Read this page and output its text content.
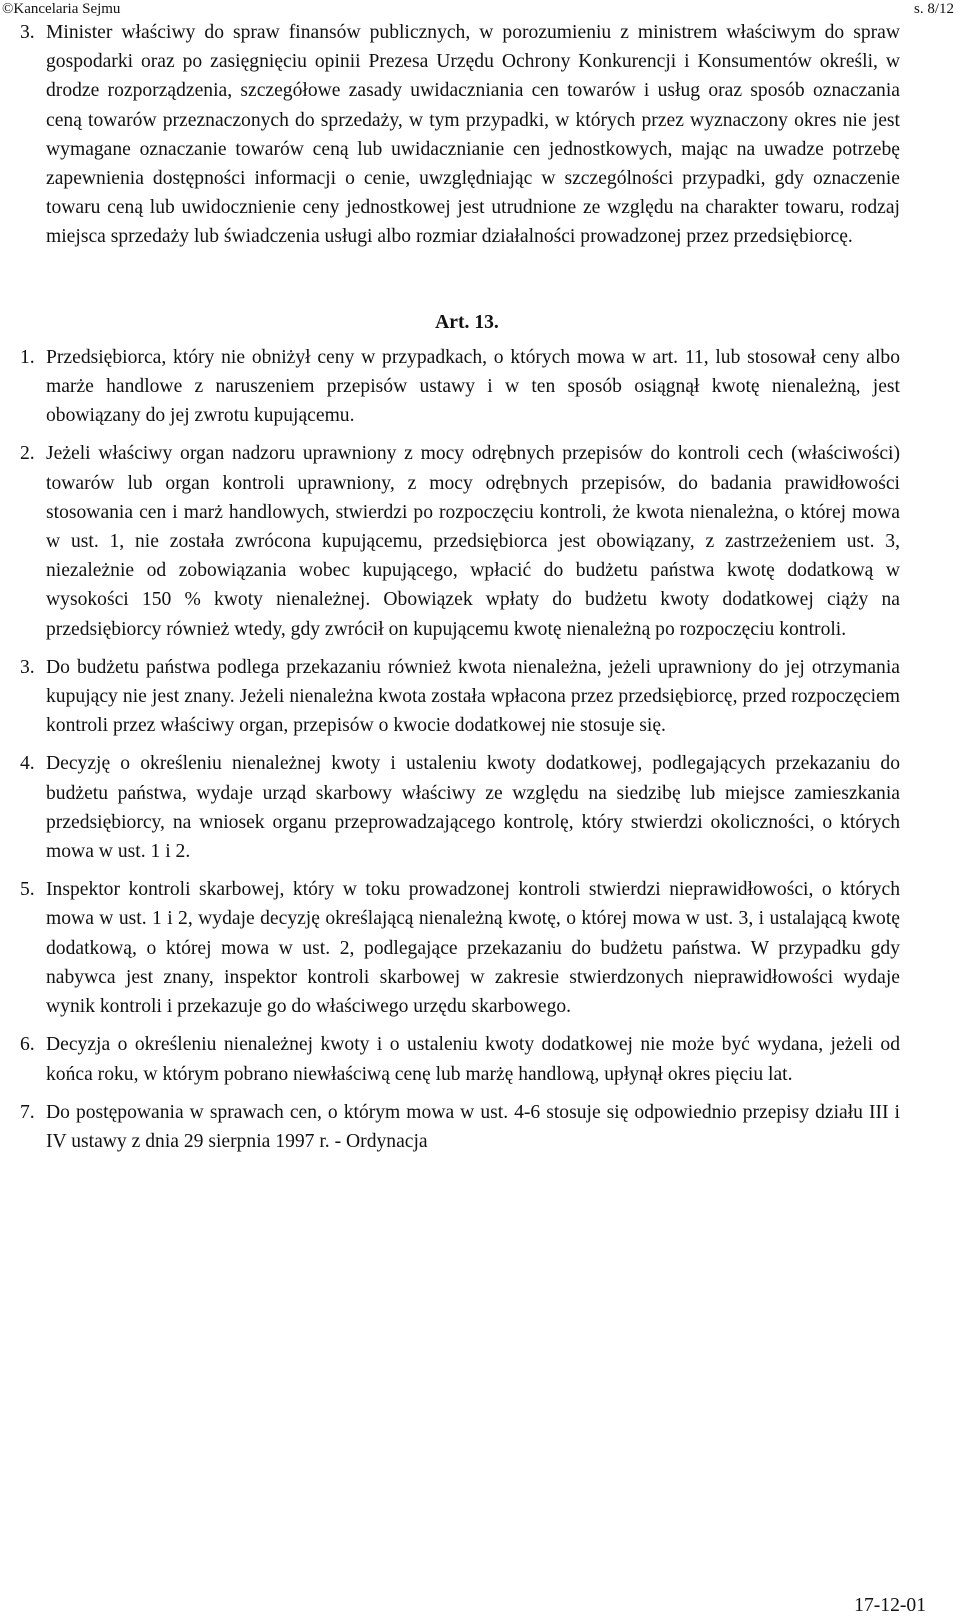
©Kancelaria Sejmu	s. 8/12
3. Minister właściwy do spraw finansów publicznych, w porozumieniu z ministrem właściwym do spraw gospodarki oraz po zasięgnięciu opinii Prezesa Urzędu Ochrony Konkurencji i Konsumentów określi, w drodze rozporządzenia, szczegółowe zasady uwidaczniania cen towarów i usług oraz sposób oznaczania ceną towarów przeznaczonych do sprzedaży, w tym przypadki, w których przez wyznaczony okres nie jest wymagane oznaczanie towarów ceną lub uwidacznianie cen jednostkowych, mając na uwadze potrzebę zapewnienia dostępności informacji o cenie, uwzględniając w szczególności przypadki, gdy oznaczenie towaru ceną lub uwidocznienie ceny jednostkowej jest utrudnione ze względu na charakter towaru, rodzaj miejsca sprzedaży lub świadczenia usługi albo rozmiar działalności prowadzonej przez przedsiębiorcę.
Art. 13.
1. Przedsiębiorca, który nie obniżył ceny w przypadkach, o których mowa w art. 11, lub stosował ceny albo marże handlowe z naruszeniem przepisów ustawy i w ten sposób osiągnął kwotę nienależną, jest obowiązany do jej zwrotu kupującemu.
2. Jeżeli właściwy organ nadzoru uprawniony z mocy odrębnych przepisów do kontroli cech (właściwości) towarów lub organ kontroli uprawniony, z mocy odrębnych przepisów, do badania prawidłowości stosowania cen i marż handlowych, stwierdzi po rozpoczęciu kontroli, że kwota nienależna, o której mowa w ust. 1, nie została zwrócona kupującemu, przedsiębiorca jest obowiązany, z zastrzeżeniem ust. 3, niezależnie od zobowiązania wobec kupującego, wpłacić do budżetu państwa kwotę dodatkową w wysokości 150 % kwoty nienależnej. Obowiązek wpłaty do budżetu kwoty dodatkowej ciąży na przedsiębiorcy również wtedy, gdy zwrócił on kupującemu kwotę nienależną po rozpoczęciu kontroli.
3. Do budżetu państwa podlega przekazaniu również kwota nienależna, jeżeli uprawniony do jej otrzymania kupujący nie jest znany. Jeżeli nienależna kwota została wpłacona przez przedsiębiorcę, przed rozpoczęciem kontroli przez właściwy organ, przepisów o kwocie dodatkowej nie stosuje się.
4. Decyzję o określeniu nienależnej kwoty i ustaleniu kwoty dodatkowej, podlegających przekazaniu do budżetu państwa, wydaje urząd skarbowy właściwy ze względu na siedzibę lub miejsce zamieszkania przedsiębiorcy, na wniosek organu przeprowadzającego kontrolę, który stwierdzi okoliczności, o których mowa w ust. 1 i 2.
5. Inspektor kontroli skarbowej, który w toku prowadzonej kontroli stwierdzi nieprawidłowości, o których mowa w ust. 1 i 2, wydaje decyzję określającą nienależną kwotę, o której mowa w ust. 3, i ustalającą kwotę dodatkową, o której mowa w ust. 2, podlegające przekazaniu do budżetu państwa. W przypadku gdy nabywca jest znany, inspektor kontroli skarbowej w zakresie stwierdzonych nieprawidłowości wydaje wynik kontroli i przekazuje go do właściwego urzędu skarbowego.
6. Decyzja o określeniu nienależnej kwoty i o ustaleniu kwoty dodatkowej nie może być wydana, jeżeli od końca roku, w którym pobrano niewłaściwą cenę lub marżę handlową, upłynął okres pięciu lat.
7. Do postępowania w sprawach cen, o którym mowa w ust. 4-6 stosuje się odpowiednio przepisy działu III i IV ustawy z dnia 29 sierpnia 1997 r. - Ordynacja
17-12-01
